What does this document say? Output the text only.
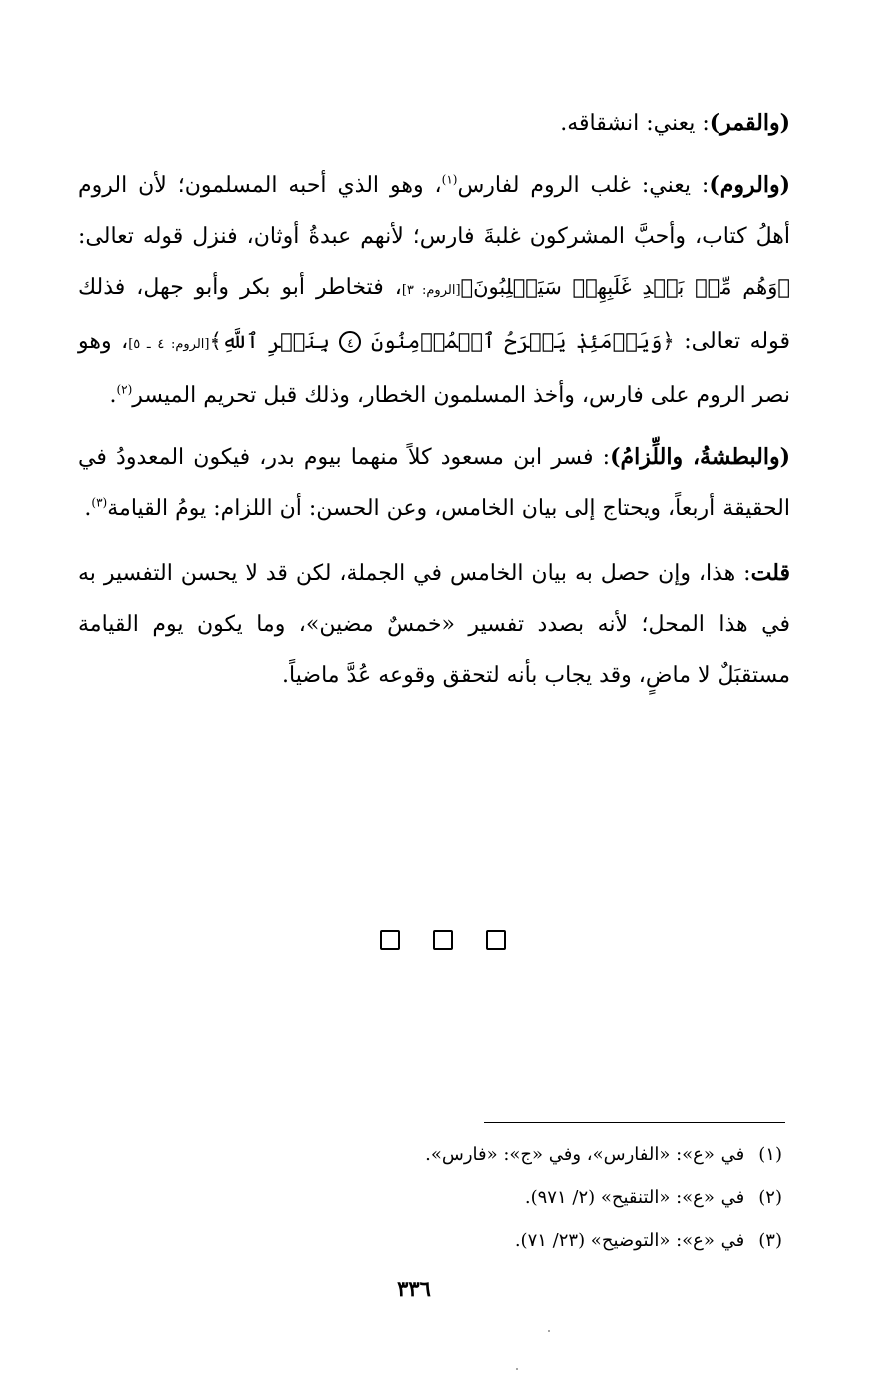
(والقمر): يعني: انشقاقه.

(والروم): يعني: غلب الروم لفارس$^{(١)}$، وهو الذي أحبه المسلمون؛ لأن الروم أهلُ كتاب، وأحبَّ المشركون غلبةَ فارس؛ لأنهم عبدةُ أوثان، فنزل قوله تعالى: ﴿وَهُم مِّنۢ بَعۡدِ غَلَبِهِمۡ سَيَغۡلِبُونَ﴾[الروم: ٣]، فتخاطر أبو بكر وأبو جهل، فذلك قوله تعالى: ﴿وَيَوۡمَئِذٖ يَفۡرَحُ ٱلۡمُؤۡمِنُونَ ٤ بِنَصۡرِ ٱللَّهِ﴾[الروم: ٤ ـ ٥]، وهو نصر الروم على فارس، وأخذ المسلمون الخطار، وذلك قبل تحريم الميسر$^{(٢)}$.

(والبطشةُ، واللِّزامُ): فسر ابن مسعود كلاً منهما بيوم بدر، فيكون المعدودُ في الحقيقة أربعاً، ويحتاج إلى بيان الخامس، وعن الحسن: أن اللزام: يومُ القيامة$^{(٣)}$.

قلت: هذا، وإن حصل به بيان الخامس في الجملة، لكن قد لا يحسن التفسير به في هذا المحل؛ لأنه بصدد تفسير «خمسٌ مضين»، وما يكون يوم القيامة مستقبَلٌ لا ماضٍ، وقد يجاب بأنه لتحقق وقوعه عُدَّ ماضياً.

(١)في «ع»: «الفارس»، وفي «ج»: «فارس».
(٢)في «ع»: «التنقيح» (٢/ ٩٧١).
(٣)في «ع»: «التوضيح» (٢٣/ ٧١).
٣٣٦
